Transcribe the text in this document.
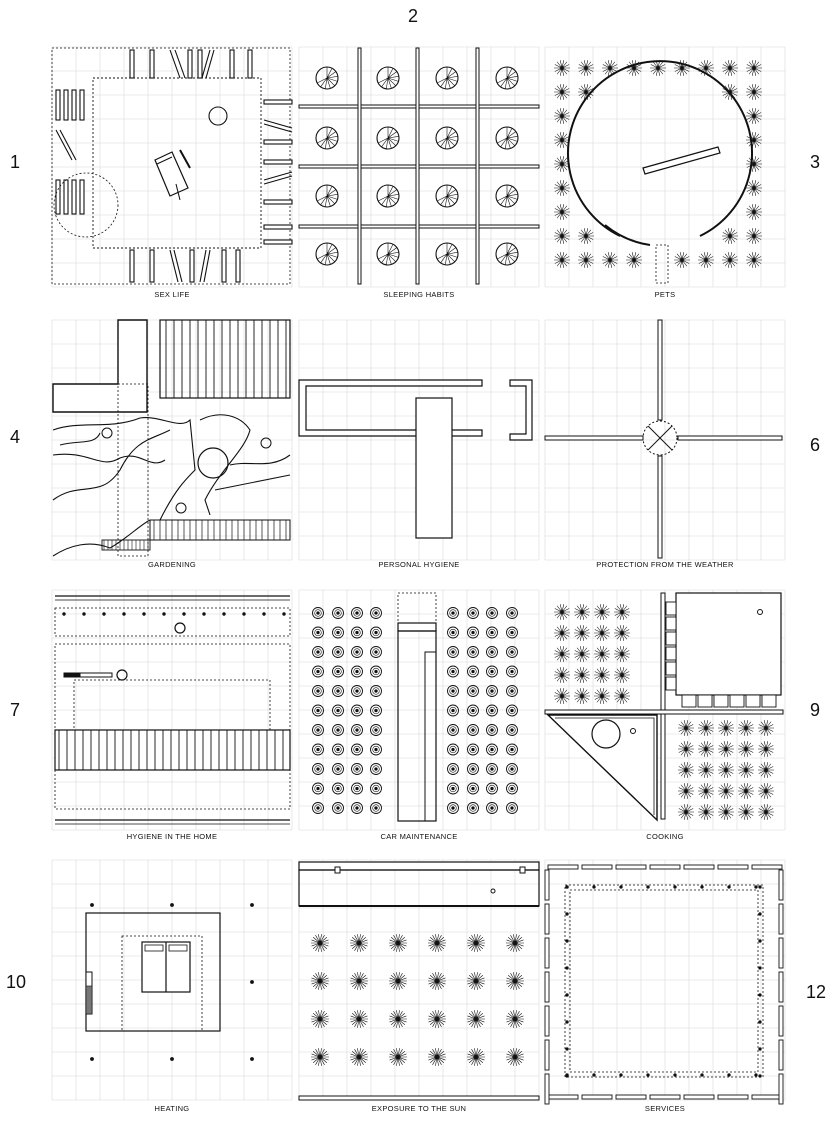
1
2
3
4	6
7	9
10	12
SEX LIFE	SLEEPING HABITS	PETS
GARDENING	PERSONAL HYGIENE	PROTECTION FROM THE WEATHER
HYGIENE IN THE HOME	CAR MAINTENANCE	COOKING
HEATING	EXPOSURE TO THE SUN	SERVICES
